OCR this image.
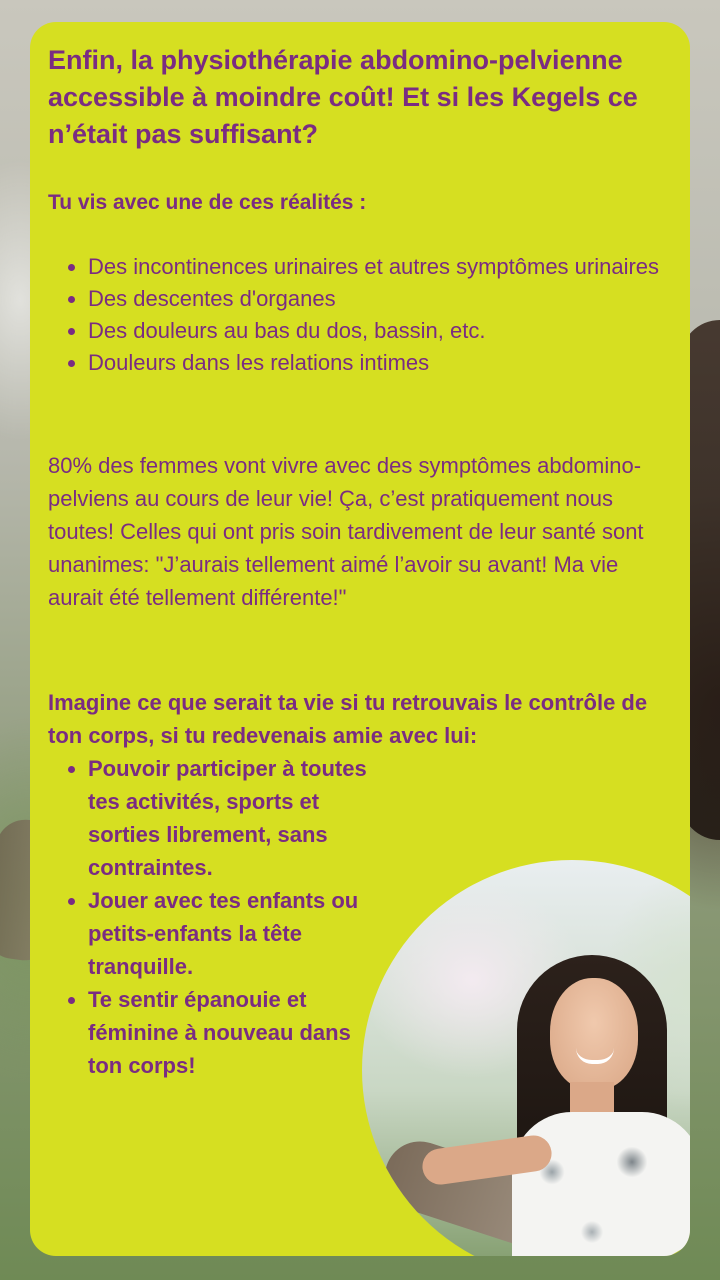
Enfin, la physiothérapie abdomino-pelvienne accessible à moindre coût! Et si les Kegels ce n’était pas suffisant?

Tu vis avec une de ces réalités :

• Des incontinences urinaires et autres symptômes urinaires
• Des descentes d'organes
• Des douleurs au bas du dos, bassin, etc.
• Douleurs dans les relations intimes
80% des femmes vont vivre avec des symptômes abdomino-pelviens au cours de leur vie! Ça, c’est pratiquement nous toutes! Celles qui ont pris soin tardivement de leur santé sont unanimes: "J’aurais tellement aimé l’avoir su avant! Ma vie aurait été tellement différente!"
Imagine ce que serait ta vie si tu retrouvais le contrôle de ton corps, si tu redevenais amie avec lui:
• Pouvoir participer à toutes tes activités, sports et sorties librement, sans contraintes.
• Jouer avec tes enfants ou petits-enfants la tête tranquille.
• Te sentir épanouie et féminine à nouveau dans ton corps!
